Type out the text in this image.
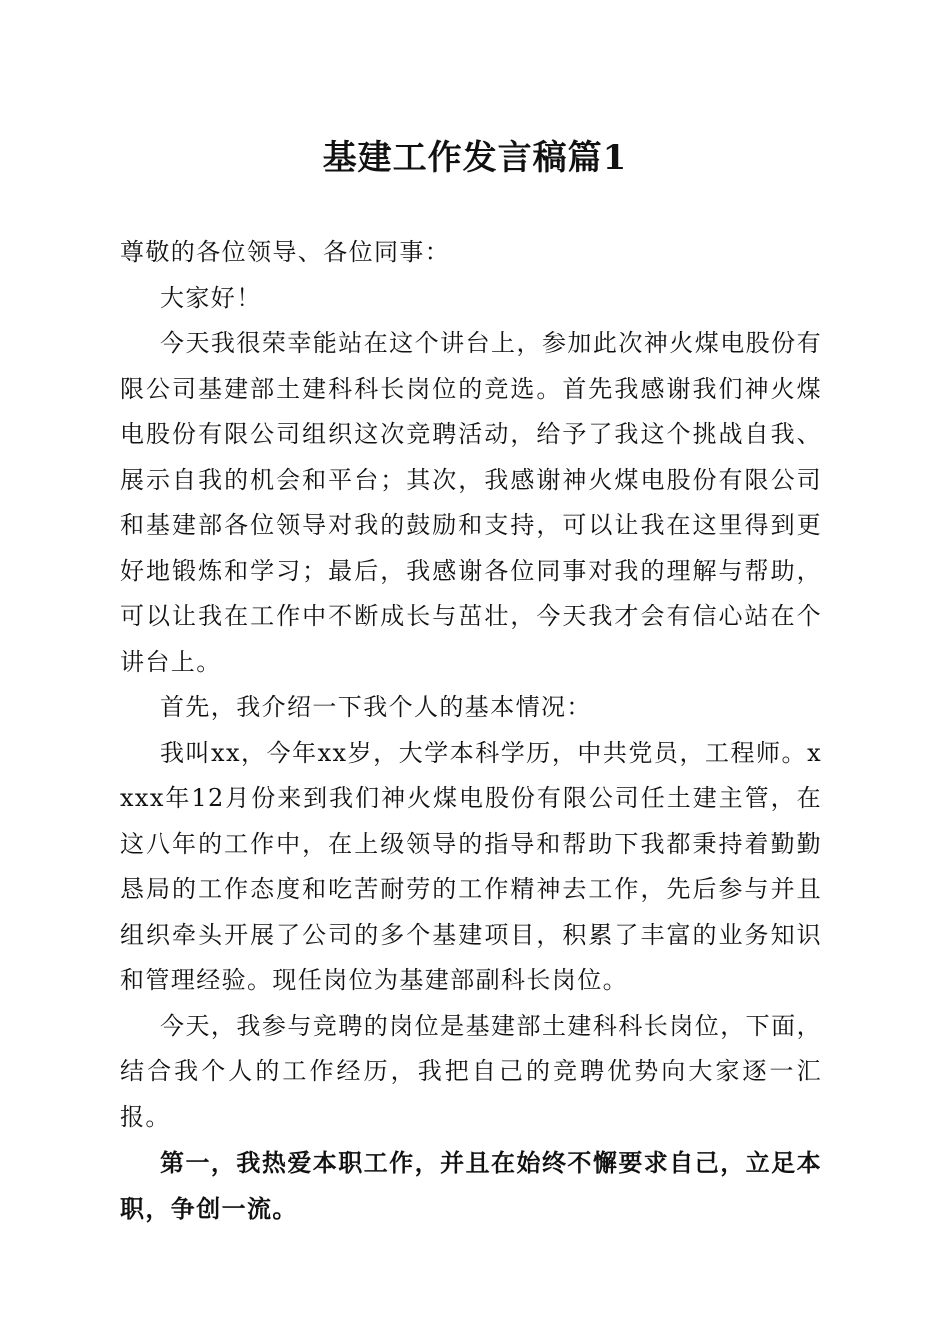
基建工作发言稿篇1

尊敬的各位领导、各位同事：

大家好！

今天我很荣幸能站在这个讲台上，参加此次神火煤电股份有限公司基建部土建科科长岗位的竞选。首先我感谢我们神火煤电股份有限公司组织这次竞聘活动，给予了我这个挑战自我、展示自我的机会和平台；其次，我感谢神火煤电股份有限公司和基建部各位领导对我的鼓励和支持，可以让我在这里得到更好地锻炼和学习；最后，我感谢各位同事对我的理解与帮助，可以让我在工作中不断成长与茁壮，今天我才会有信心站在个讲台上。

首先，我介绍一下我个人的基本情况：

我叫xx，今年xx岁，大学本科学历，中共党员，工程师。xxxx年12月份来到我们神火煤电股份有限公司任土建主管，在这八年的工作中，在上级领导的指导和帮助下我都秉持着勤勤恳局的工作态度和吃苦耐劳的工作精神去工作，先后参与并且组织牵头开展了公司的多个基建项目，积累了丰富的业务知识和管理经验。现任岗位为基建部副科长岗位。

今天，我参与竞聘的岗位是基建部土建科科长岗位，下面，结合我个人的工作经历，我把自己的竞聘优势向大家逐一汇报。

第一，我热爱本职工作，并且在始终不懈要求自己，立足本职，争创一流。
